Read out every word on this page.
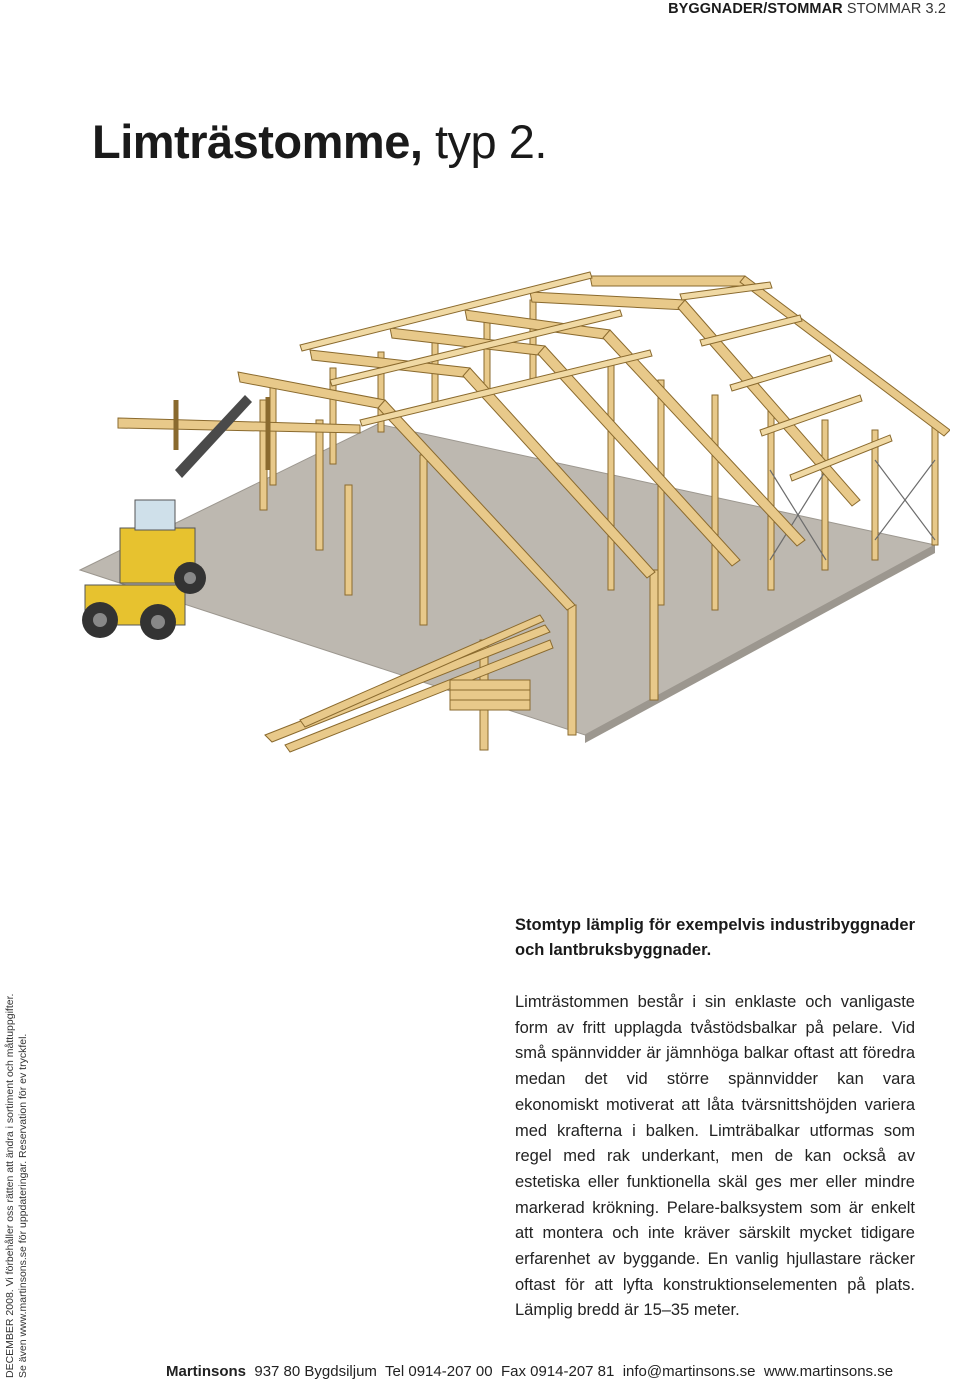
BYGGNADER/STOMMAR STOMMAR 3.2
Limträstomme, typ 2.

Stomtyp lämplig för exempelvis industribyggnader och lantbruksbyggnader.

Limträstommen består i sin enklaste och vanligaste form av fritt upplagda tvåstödsbalkar på pelare. Vid små spännvidder är jämnhöga balkar oftast att föredra medan det vid större spännvidder kan vara ekonomiskt motiverat att låta tvärsnittshöjden variera med krafterna i balken. Limträbalkar utformas som regel med rak underkant, men de kan också av estetiska eller funktionella skäl ges mer eller mindre markerad krökning. Pelare-balksystem som är enkelt att montera och inte kräver särskilt mycket tidigare erfarenhet av byggande. En vanlig hjullastare räcker oftast för att lyfta konstruktionselementen på plats. Lämplig bredd är 15–35 meter.

DECEMBER 2008. Vi förbehåller oss rätten att ändra i sortiment och måttuppgifter. Se även www.martinsons.se för uppdateringar. Reservation för ev tryckfel.	Martinsons 937 80 Bygdsiljum Tel 0914-207 00 Fax 0914-207 81 info@martinsons.se www.martinsons.se
